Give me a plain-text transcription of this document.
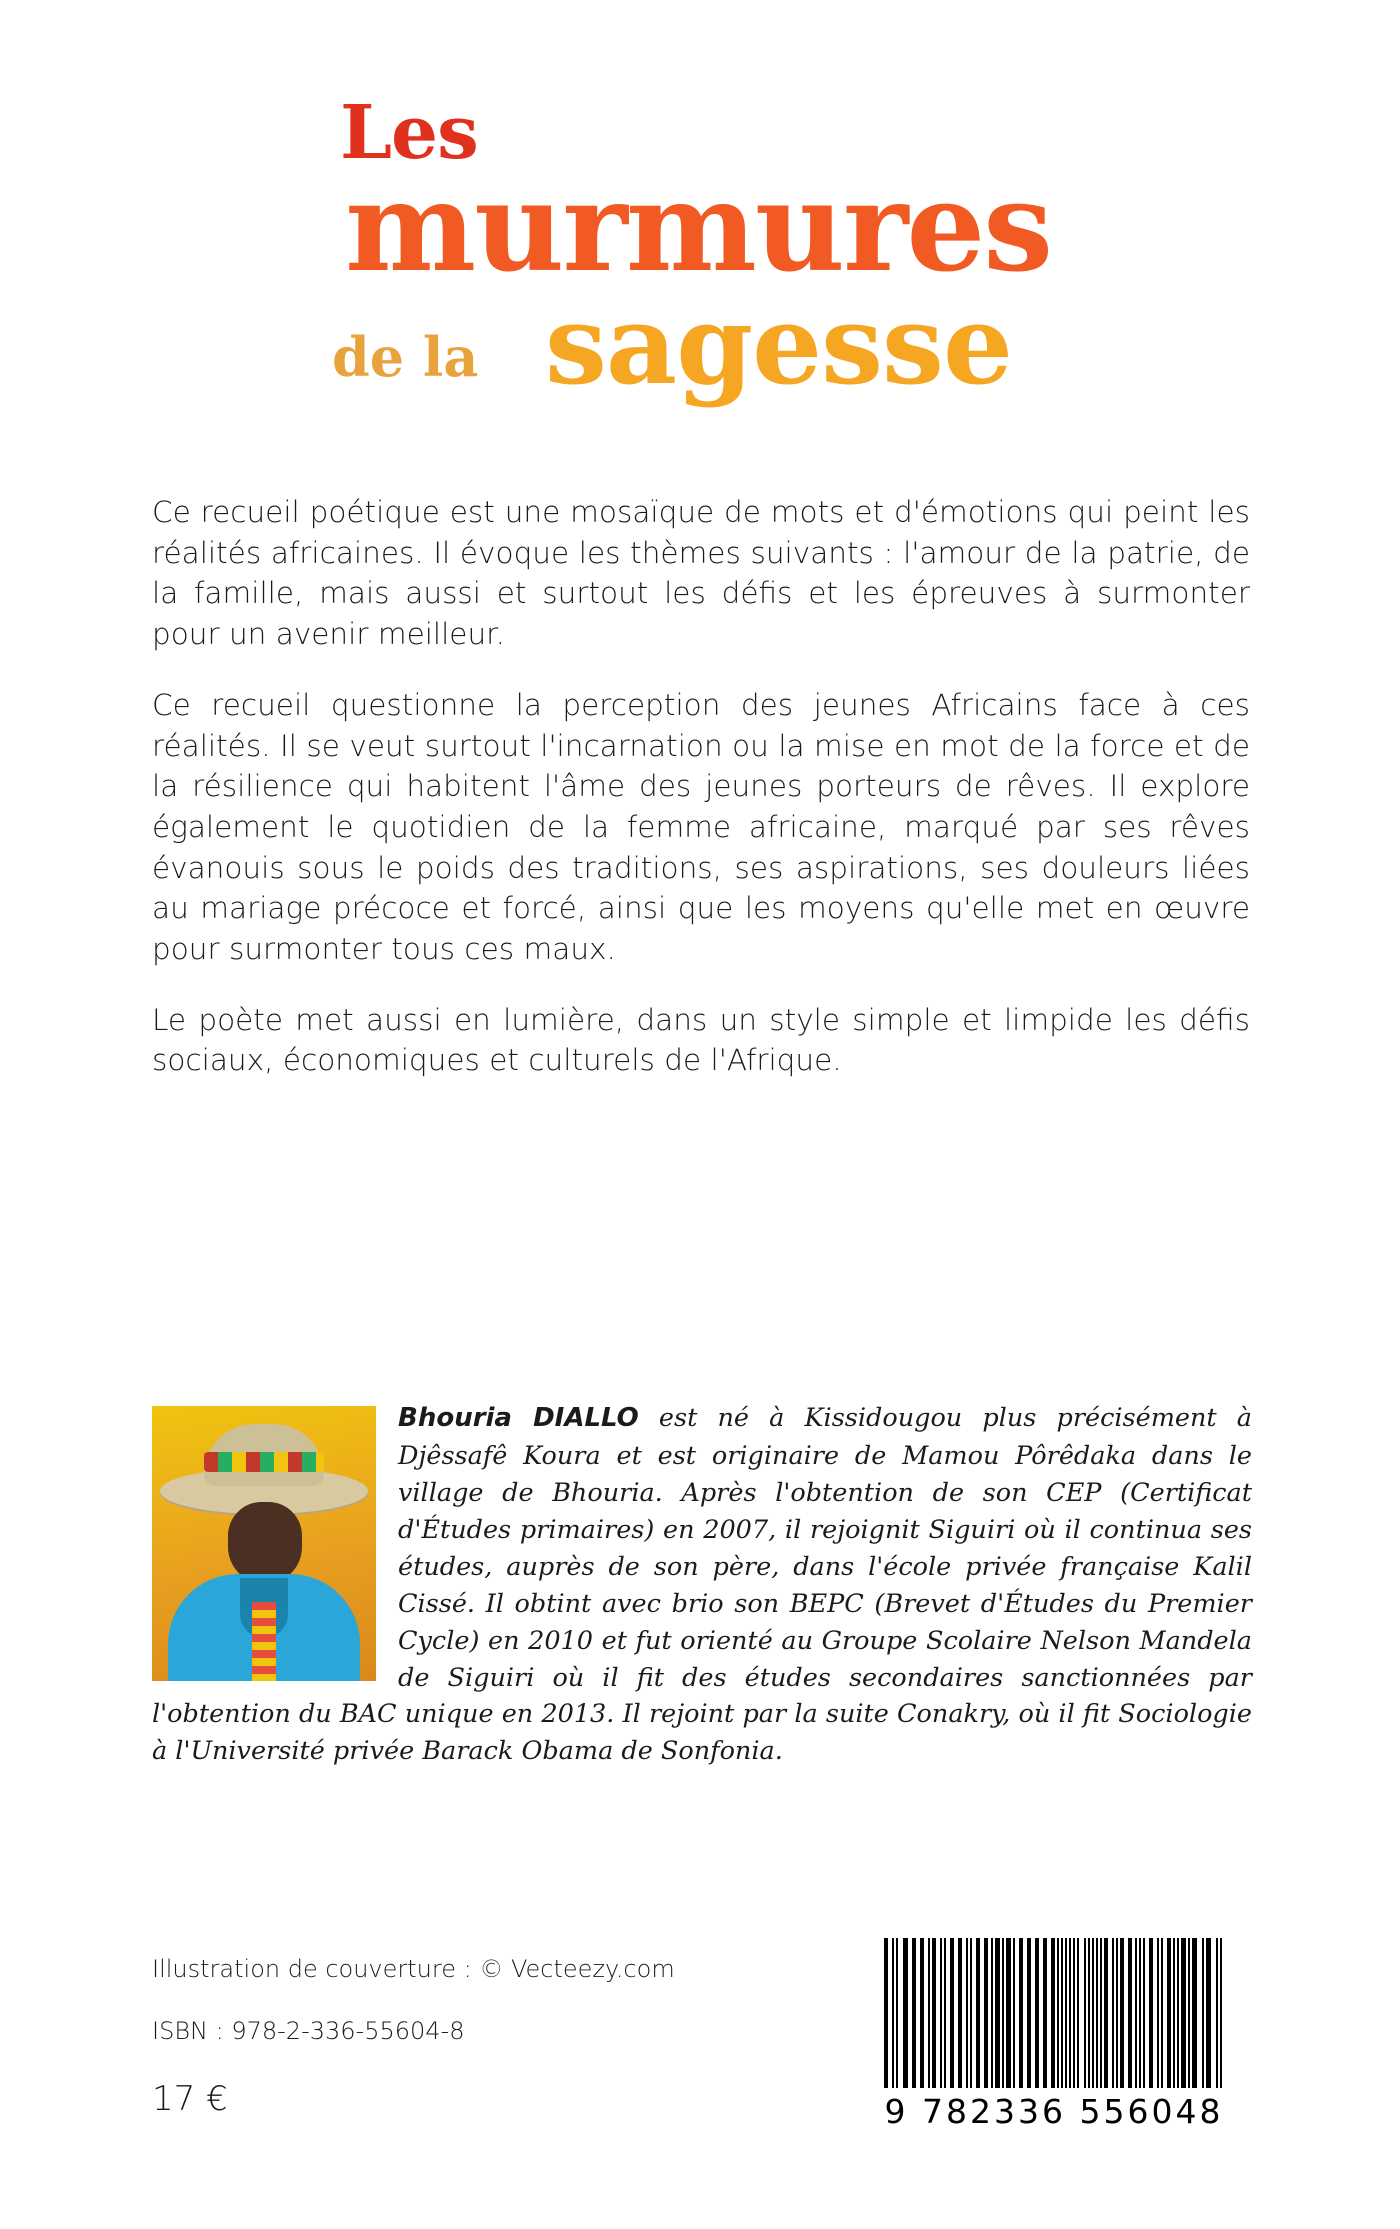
Les
murmures
de la sagesse

Ce recueil poétique est une mosaïque de mots et d'émotions qui peint les réalités africaines. Il évoque les thèmes suivants : l'amour de la patrie, de la famille, mais aussi et surtout les défis et les épreuves à surmonter pour un avenir meilleur.

Ce recueil questionne la perception des jeunes Africains face à ces réalités. Il se veut surtout l'incarnation ou la mise en mot de la force et de la résilience qui habitent l'âme des jeunes porteurs de rêves. Il explore également le quotidien de la femme africaine, marqué par ses rêves évanouis sous le poids des traditions, ses aspirations, ses douleurs liées au mariage précoce et forcé, ainsi que les moyens qu'elle met en œuvre pour surmonter tous ces maux.

Le poète met aussi en lumière, dans un style simple et limpide les défis sociaux, économiques et culturels de l'Afrique.

Bhouria DIALLO est né à Kissidougou plus précisément à Djêssafê Koura et est originaire de Mamou Pôrêdaka dans le village de Bhouria. Après l'obtention de son CEP (Certificat d'Études primaires) en 2007, il rejoignit Siguiri où il continua ses études, auprès de son père, dans l'école privée française Kalil Cissé. Il obtint avec brio son BEPC (Brevet d'Études du Premier Cycle) en 2010 et fut orienté au Groupe Scolaire Nelson Mandela de Siguiri où il fit des études secondaires sanctionnées par l'obtention du BAC unique en 2013. Il rejoint par la suite Conakry, où il fit Sociologie à l'Université privée Barack Obama de Sonfonia.
Illustration de couverture : © Vecteezy.com
ISBN : 978-2-336-55604-8
17 €	9 782336 556048
